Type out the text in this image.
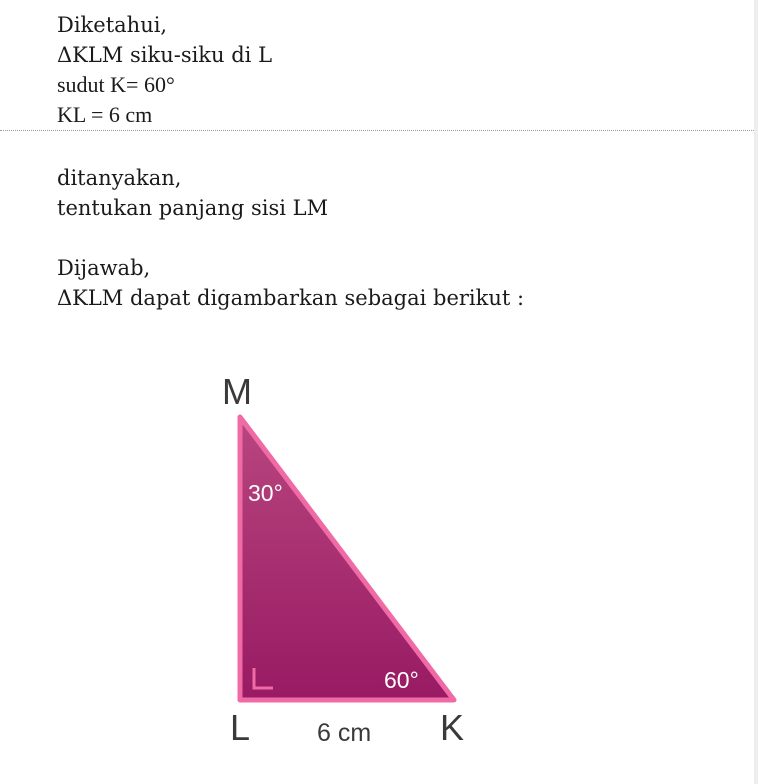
Diketahui,
ΔKLM siku-siku di L
sudut K= 60°
KL = 6 cm
ditanyakan,
tentukan panjang sisi LM
Dijawab,
ΔKLM dapat digambarkan sebagai berikut :
M
L	K
30°
60°
6 cm
